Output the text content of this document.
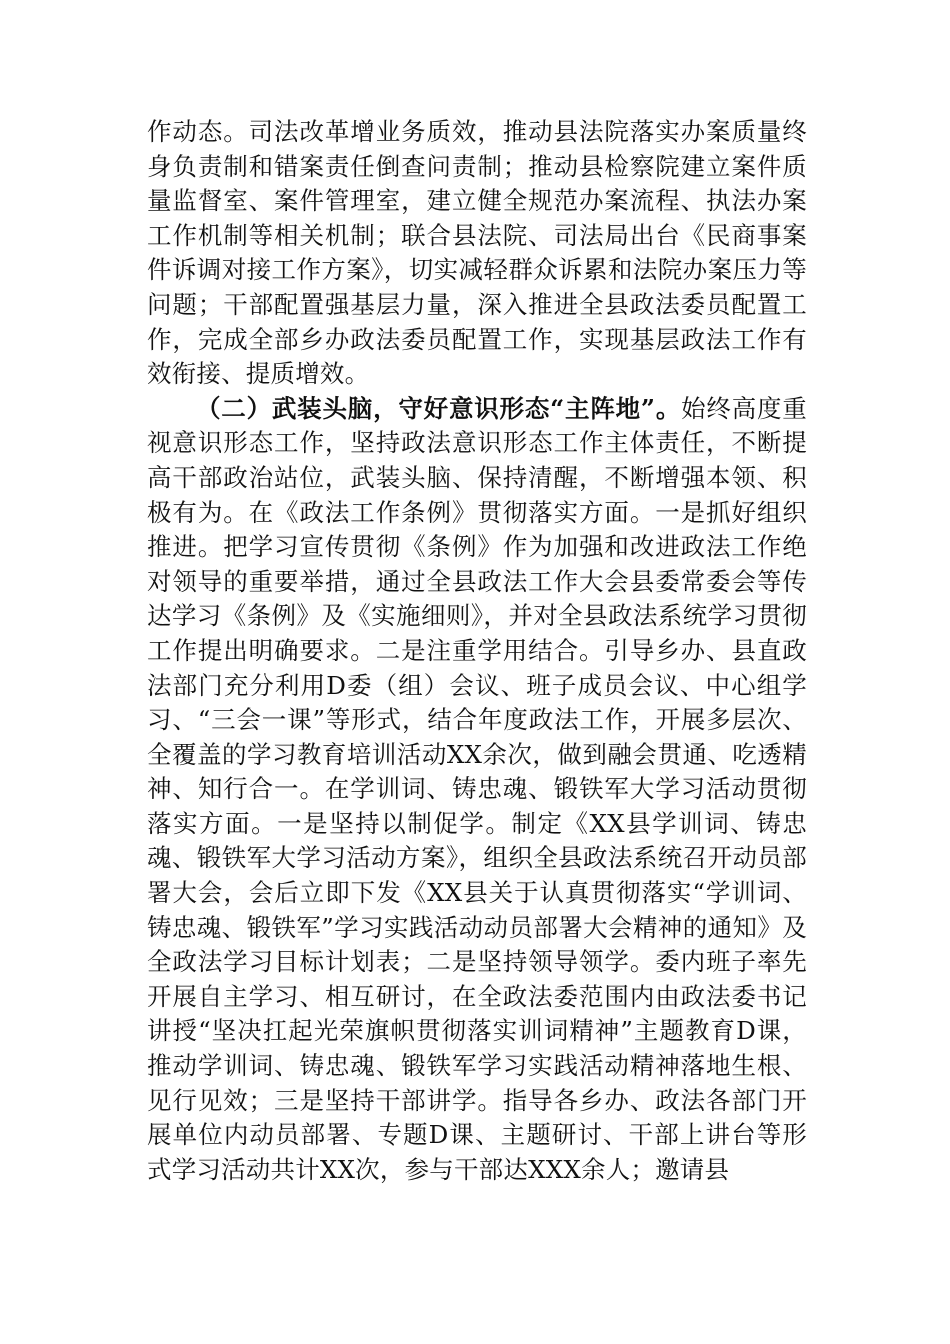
作动态。司法改革增业务质效，推动县法院落实办案质量终身负责制和错案责任倒查问责制；推动县检察院建立案件质量监督室、案件管理室，建立健全规范办案流程、执法办案工作机制等相关机制；联合县法院、司法局出台《民商事案件诉调对接工作方案》，切实减轻群众诉累和法院办案压力等问题；干部配置强基层力量，深入推进全县政法委员配置工作，完成全部乡办政法委员配置工作，实现基层政法工作有效衔接、提质增效。

（二）武装头脑，守好意识形态“主阵地”。始终高度重视意识形态工作，坚持政法意识形态工作主体责任，不断提高干部政治站位，武装头脑、保持清醒，不断增强本领、积极有为。在《政法工作条例》贯彻落实方面。一是抓好组织推进。把学习宣传贯彻《条例》作为加强和改进政法工作绝对领导的重要举措，通过全县政法工作大会县委常委会等传达学习《条例》及《实施细则》，并对全县政法系统学习贯彻工作提出明确要求。二是注重学用结合。引导乡办、县直政法部门充分利用D委（组）会议、班子成员会议、中心组学习、“三会一课”等形式，结合年度政法工作，开展多层次、全覆盖的学习教育培训活动XX余次，做到融会贯通、吃透精神、知行合一。在学训词、铸忠魂、锻铁军大学习活动贯彻落实方面。一是坚持以制促学。制定《XX县学训词、铸忠魂、锻铁军大学习活动方案》，组织全县政法系统召开动员部署大会，会后立即下发《XX县关于认真贯彻落实“学训词、铸忠魂、锻铁军”学习实践活动动员部署大会精神的通知》及全政法学习目标计划表；二是坚持领导领学。委内班子率先开展自主学习、相互研讨，在全政法委范围内由政法委书记讲授“坚决扛起光荣旗帜贯彻落实训词精神”主题教育D课，推动学训词、铸忠魂、锻铁军学习实践活动精神落地生根、见行见效；三是坚持干部讲学。指导各乡办、政法各部门开展单位内动员部署、专题D课、主题研讨、干部上讲台等形式学习活动共计XX次，参与干部达XXX余人；邀请县
